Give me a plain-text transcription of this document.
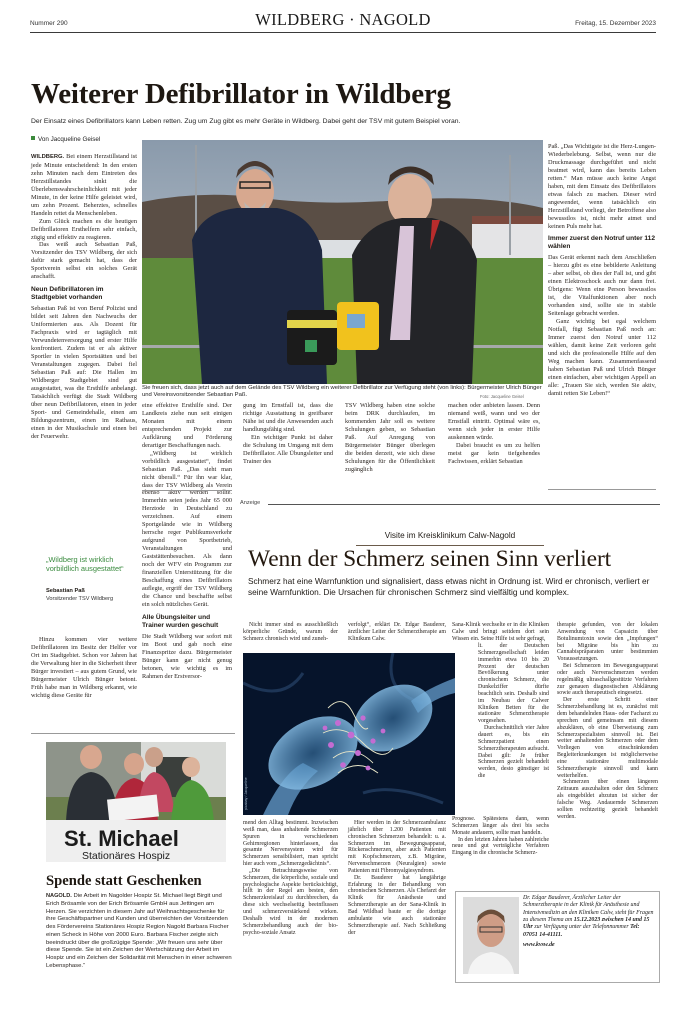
Nummer 290	WILDBERG · NAGOLD	Freitag, 15. Dezember 2023
Weiterer Defibrillator in Wildberg
Der Einsatz eines Defibrillators kann Leben retten. Zug um Zug gibt es mehr Geräte in Wildberg. Dabei geht der TSV mit gutem Beispiel voran.
Von Jacqueline Geisel

WILDBERG. Bei einem Herzstillstand ist jede Minute entscheidend: In den ersten zehn Minuten nach dem Eintreten des Herzstillstandes sinkt die Überlebenswahrscheinlichkeit mit jeder Minute, in der keine Hilfe geleistet wird, um zehn Prozent. Beherztes, schnelles Handeln rettet da Menschenleben.

Zum Glück machen es die heutigen Defibrillatoren Ersthelfern sehr einfach, zügig und effektiv zu reagieren.

Das weiß auch Sebastian Paß, Vorsitzender des TSV Wildberg, der sich dafür stark gemacht hat, dass der Sportverein selbst ein solches Gerät anschafft.

Neun Defibrillatoren im Stadtgebiet vorhanden

Sebastian Paß ist von Beruf Polizist und bildet seit Jahren den Nachwuchs der Uniformierten aus. Als Dozent für Fachpraxis wird er tagtäglich mit Verwundetenversorgung und erster Hilfe konfrontiert. Zudem ist er als aktiver Sportler in vielen Sportstätten und bei Veranstaltungen zugegen. Dabei fiel Sebastian Paß auf: Die Hallen im Wildberger Stadtgebiet sind gut ausgestattet, was die Ersthilfe anbelangt. Tatsächlich verfügt die Stadt Wildberg über neun Defibrillatoren, einen in jeder Sport- und Gemeindehalle, einen am Bildungszentrum, einen im Rathaus, einen in der Musikschule und einen bei der Feuerwehr.

„Wildberg ist wirklich vorbildlich ausgestattet“
Sebastian Paß
Vorsitzender TSV Wildberg

Hinzu kommen vier weitere Defibrillatoren im Besitz der Helfer vor Ort im Stadtgebiet. Schon vor Jahren hat die Verwaltung hier in die Sicherheit ihrer Bürger investiert – aus gutem Grund, wie Bürgermeister Ulrich Bünger betont. Früh habe man in Wildberg erkannt, wie wichtig diese Geräte für

Sie freuen sich, dass jetzt auch auf dem Gelände des TSV Wildberg ein weiterer Defibrillator zur Verfügung steht (von links): Bürgermeister Ulrich Bünger und Vereinsvorsitzender Sebastian Paß.	Foto: Jacqueline Geisel

eine effektive Ersthilfe sind. Der Landkreis ziehe nun seit einigen Monaten mit einem entsprechenden Projekt zur Aufklärung und Förderung derartiger Beschaffungen nach.

„Wildberg ist wirklich vorbildlich ausgestattet“, findet Sebastian Paß. „Das sieht man nicht überall.“ Für ihn war klar, dass der TSV Wildberg als Verein ebenso aktiv werden sollte. Immerhin seien jedes Jahr 65 000 Herztode in Deutschland zu verzeichnen. Auf einem Sportgelände wie in Wildberg herrsche reger Publikumsverkehr aufgrund von Sportbetrieb, Veranstaltungen und Gaststättenbesuchen. Als dann noch der WFV ein Programm zur finanziellen Unterstützung für die Beschaffung eines Defibrillators auflegte, ergriff der TSV Wildberg die Chance und beschaffte selbst ein solch nützliches Gerät.

Alle Übungsleiter und Trainer wurden geschult

Die Stadt Wildberg war sofort mit im Boot und gab noch eine Finanzspritze dazu. Bürgermeister Bünger kann gar nicht genug betonen, wie wichtig es im Rahmen der Erstversor-

gung im Ernstfall ist, dass die richtige Ausstattung in greifbarer Nähe ist und die Anwesenden auch handlungsfähig sind.

Ein wichtiger Punkt ist daher die Schulung im Umgang mit dem Defibrillator. Alle Übungsleiter und Trainer des

TSV Wildberg haben eine solche beim DRK durchlaufen, im kommenden Jahr soll es weitere Schulungen geben, so Sebastian Paß. Auf Anregung von Bürgermeister Bünger überlegen die beiden derzeit, wie sich diese Schulungen für die Öffentlichkeit zugänglich

machen oder anbieten lassen. Denn niemand weiß, wann und wo der Ernstfall eintritt. Optimal wäre es, wenn sich jeder in erster Hilfe auskennen würde.

Dabei braucht es um zu helfen meist gar kein tiefgehendes Fachwissen, erklärt Sebastian

Paß. „Das Wichtigste ist die Herz-Lungen-Wiederbelebung. Selbst, wenn nur die Druckmassage durchgeführt und nicht beatmet wird, kann das bereits Leben retten.“ Man müsse auch keine Angst haben, mit dem Einsatz des Defibrillators etwas falsch zu machen. Dieser wird angewendet, wenn tatsächlich ein Herzstillstand vorliegt, der Betroffene also bewusstlos ist, nicht mehr atmet und keinen Puls mehr hat.

Immer zuerst den Notruf unter 112 wählen

Das Gerät erkennt nach dem Anschließen – hierzu gibt es eine bebilderte Anleitung – aber selbst, ob dies der Fall ist, und gibt einen Elektroschock auch nur dann frei. Übrigens: Wenn eine Person bewusstlos ist, die Vitalfunktionen aber noch vorhanden sind, sollte sie in stabile Seitenlage gebracht werden.

Ganz wichtig bei egal welchem Notfall, fügt Sebastian Paß noch an: Immer zuerst den Notruf unter 112 wählen, damit keine Zeit verloren geht und sich die professionelle Hilfe auf den Weg machen kann. Zusammenfassend haben Sebastian Paß und Ulrich Bünger einen einfachen, aber wichtigen Appell an alle: „Trauen Sie sich, werden Sie aktiv, damit retten Sie Leben!“

Anzeige
Visite im Kreisklinikum Calw-Nagold
Wenn der Schmerz seinen Sinn verliert
Schmerz hat eine Warnfunktion und signalisiert, dass etwas nicht in Ordnung ist. Wird er chronisch, verliert er seine Warnfunktion. Die Ursachen für chronischen Schmerz sind vielfältig und komplex.

Nicht immer sind es ausschließlich körperliche Gründe, warum der Schmerz chronisch wird und zuneh-

verfolgt“, erklärt Dr. Edgar Bauderer, ärztlicher Leiter der Schmerztherapie am Klinikum Calw.

Sana-Klinik wechselte er in die Kliniken Calw und bringt seitdem dort sein Wissen ein. Seine Hilfe ist sehr gefragt,

lt. der Deutschen Schmerzgesellschaft leiden immerhin etwa 10 bis 20 Prozent der deutschen Bevölkerung unter chronischem Schmerz, die Dunkelziffer dürfte beachtlich sein. Deshalb sind im Neubau der Calwer Kliniken Betten für die stationäre Schmerztherapie vorgesehen.

Durchschnittlich vier Jahre dauert es, bis ein Schmerzpatient einen Schmerztherapeuten aufsucht. Dabei gilt: Je früher Schmerzen gezielt behandelt werden, desto günstiger ist die

Prognose. Spätestens dann, wenn Schmerzen länger als drei bis sechs Monate andauern, sollte man handeln.

In den letzten Jahren haben zahlreiche neue und gut verträgliche Verfahren Eingang in die chronische Schmerz-

therapie gefunden, von der lokalen Anwendung von Capsaicin über Botulinumtoxin sowie den „Impfungen“ bei Migräne bis hin zu Cannabispräparaten unter bestimmten Voraussetzungen.

Bei Schmerzen im Bewegungsapparat oder auch Nervenschmerzen werden regelmäßig ultraschallgestützte Verfahren zur genauen diagnostischen Abklärung sowie auch therapeutisch eingesetzt.

Der erste Schritt einer Schmerzbehandlung ist es, zunächst mit dem behandelnden Haus- oder Facharzt zu sprechen und gemeinsam mit diesem abzuklären, ob eine Überweisung zum Schmerzspezialisten sinnvoll ist. Bei weiter anhaltenden Schmerzen oder dem Vorliegen von einschränkenden Begleiterkrankungen ist möglicherweise eine stationäre multimodale Schmerztherapie sinnvoll und kann weiterhelfen.

Schmerzen über einen längeren Zeitraum auszuhalten oder den Schmerz als eingebildet abzutun ist sicher der falsche Weg. Andauernde Schmerzen sollten rechtzeitig gezielt behandelt werden.

pixabay / Jacqueline

mend den Alltag bestimmt. Inzwischen weiß man, dass anhaltende Schmerzen Spuren in verschiedenen Gehirnregionen hinterlassen, das gesamte Nervensystem wird für Schmerzen sensibilisiert, man spricht hier auch vom „Schmerzgedächtnis“.

„Die Betrachtungsweise von Schmerzen, die körperliche, soziale und psychologische Aspekte berücksichtigt, hilft in der Regel am besten, den Schmerzkreislauf zu durchbrechen, da diese sich wechselseitig beeinflussen und schmerzverstärkend wirken. Deshalb wird in der modernen Schmerzbehandlung auch der bio-psycho-soziale Ansatz

Hier werden in der Schmerzambulanz jährlich über 1.200 Patienten mit chronischen Schmerzen behandelt: u. a. Schmerzen im Bewegungsapparat, Rückenschmerzen, aber auch Patienten mit Kopfschmerzen, z.B. Migräne, Nervenschmerzen (Neuralgien) sowie Patienten mit Fibromyalgiesyndrom.

Dr. Bauderer hat langjährige Erfahrung in der Behandlung von chronischen Schmerzen. Als Chefarzt der Klinik für Anästhesie und Schmerztherapie an der Sana-Klinik in Bad Wildbad baute er die dortige ambulante wie auch stationäre Schmerztherapie auf. Nach Schließung der

Dr. Edgar Bauderer, Ärztlicher Leiter der Schmerztherapie in der Klinik für Anästhesie und Intensivmedizin an den Kliniken Calw, steht für Fragen zu diesem Thema am 15.12.2023 zwischen 14 und 15 Uhr zur Verfügung unter der Telefonnummer Tel: 07051 14-41111.
www.kvsw.de
St. Michael
Stationäres Hospiz
Spende statt Geschenken
NAGOLD. Die Arbeit im Nagolder Hospiz St. Michael liegt Birgit und Erich Brösamle von der Erich Brösamle GmbH aus Jettingen am Herzen. Sie verzichten in diesem Jahr auf Weihnachtsgeschenke für ihre Geschäftspartner und Kunden und überreichten der Vorsitzenden des Fördervereins Stationäres Hospiz Region Nagold Barbara Fischer einen Scheck in Höhe von 2000 Euro. Barbara Fischer zeigte sich beeindruckt über die großzügige Spende: „Wir freuen uns sehr über diese Spende. Sie ist ein Zeichen der Wertschätzung der Arbeit im Hospiz und ein Zeichen der Solidarität mit Menschen in einer schweren Lebensphase.“
